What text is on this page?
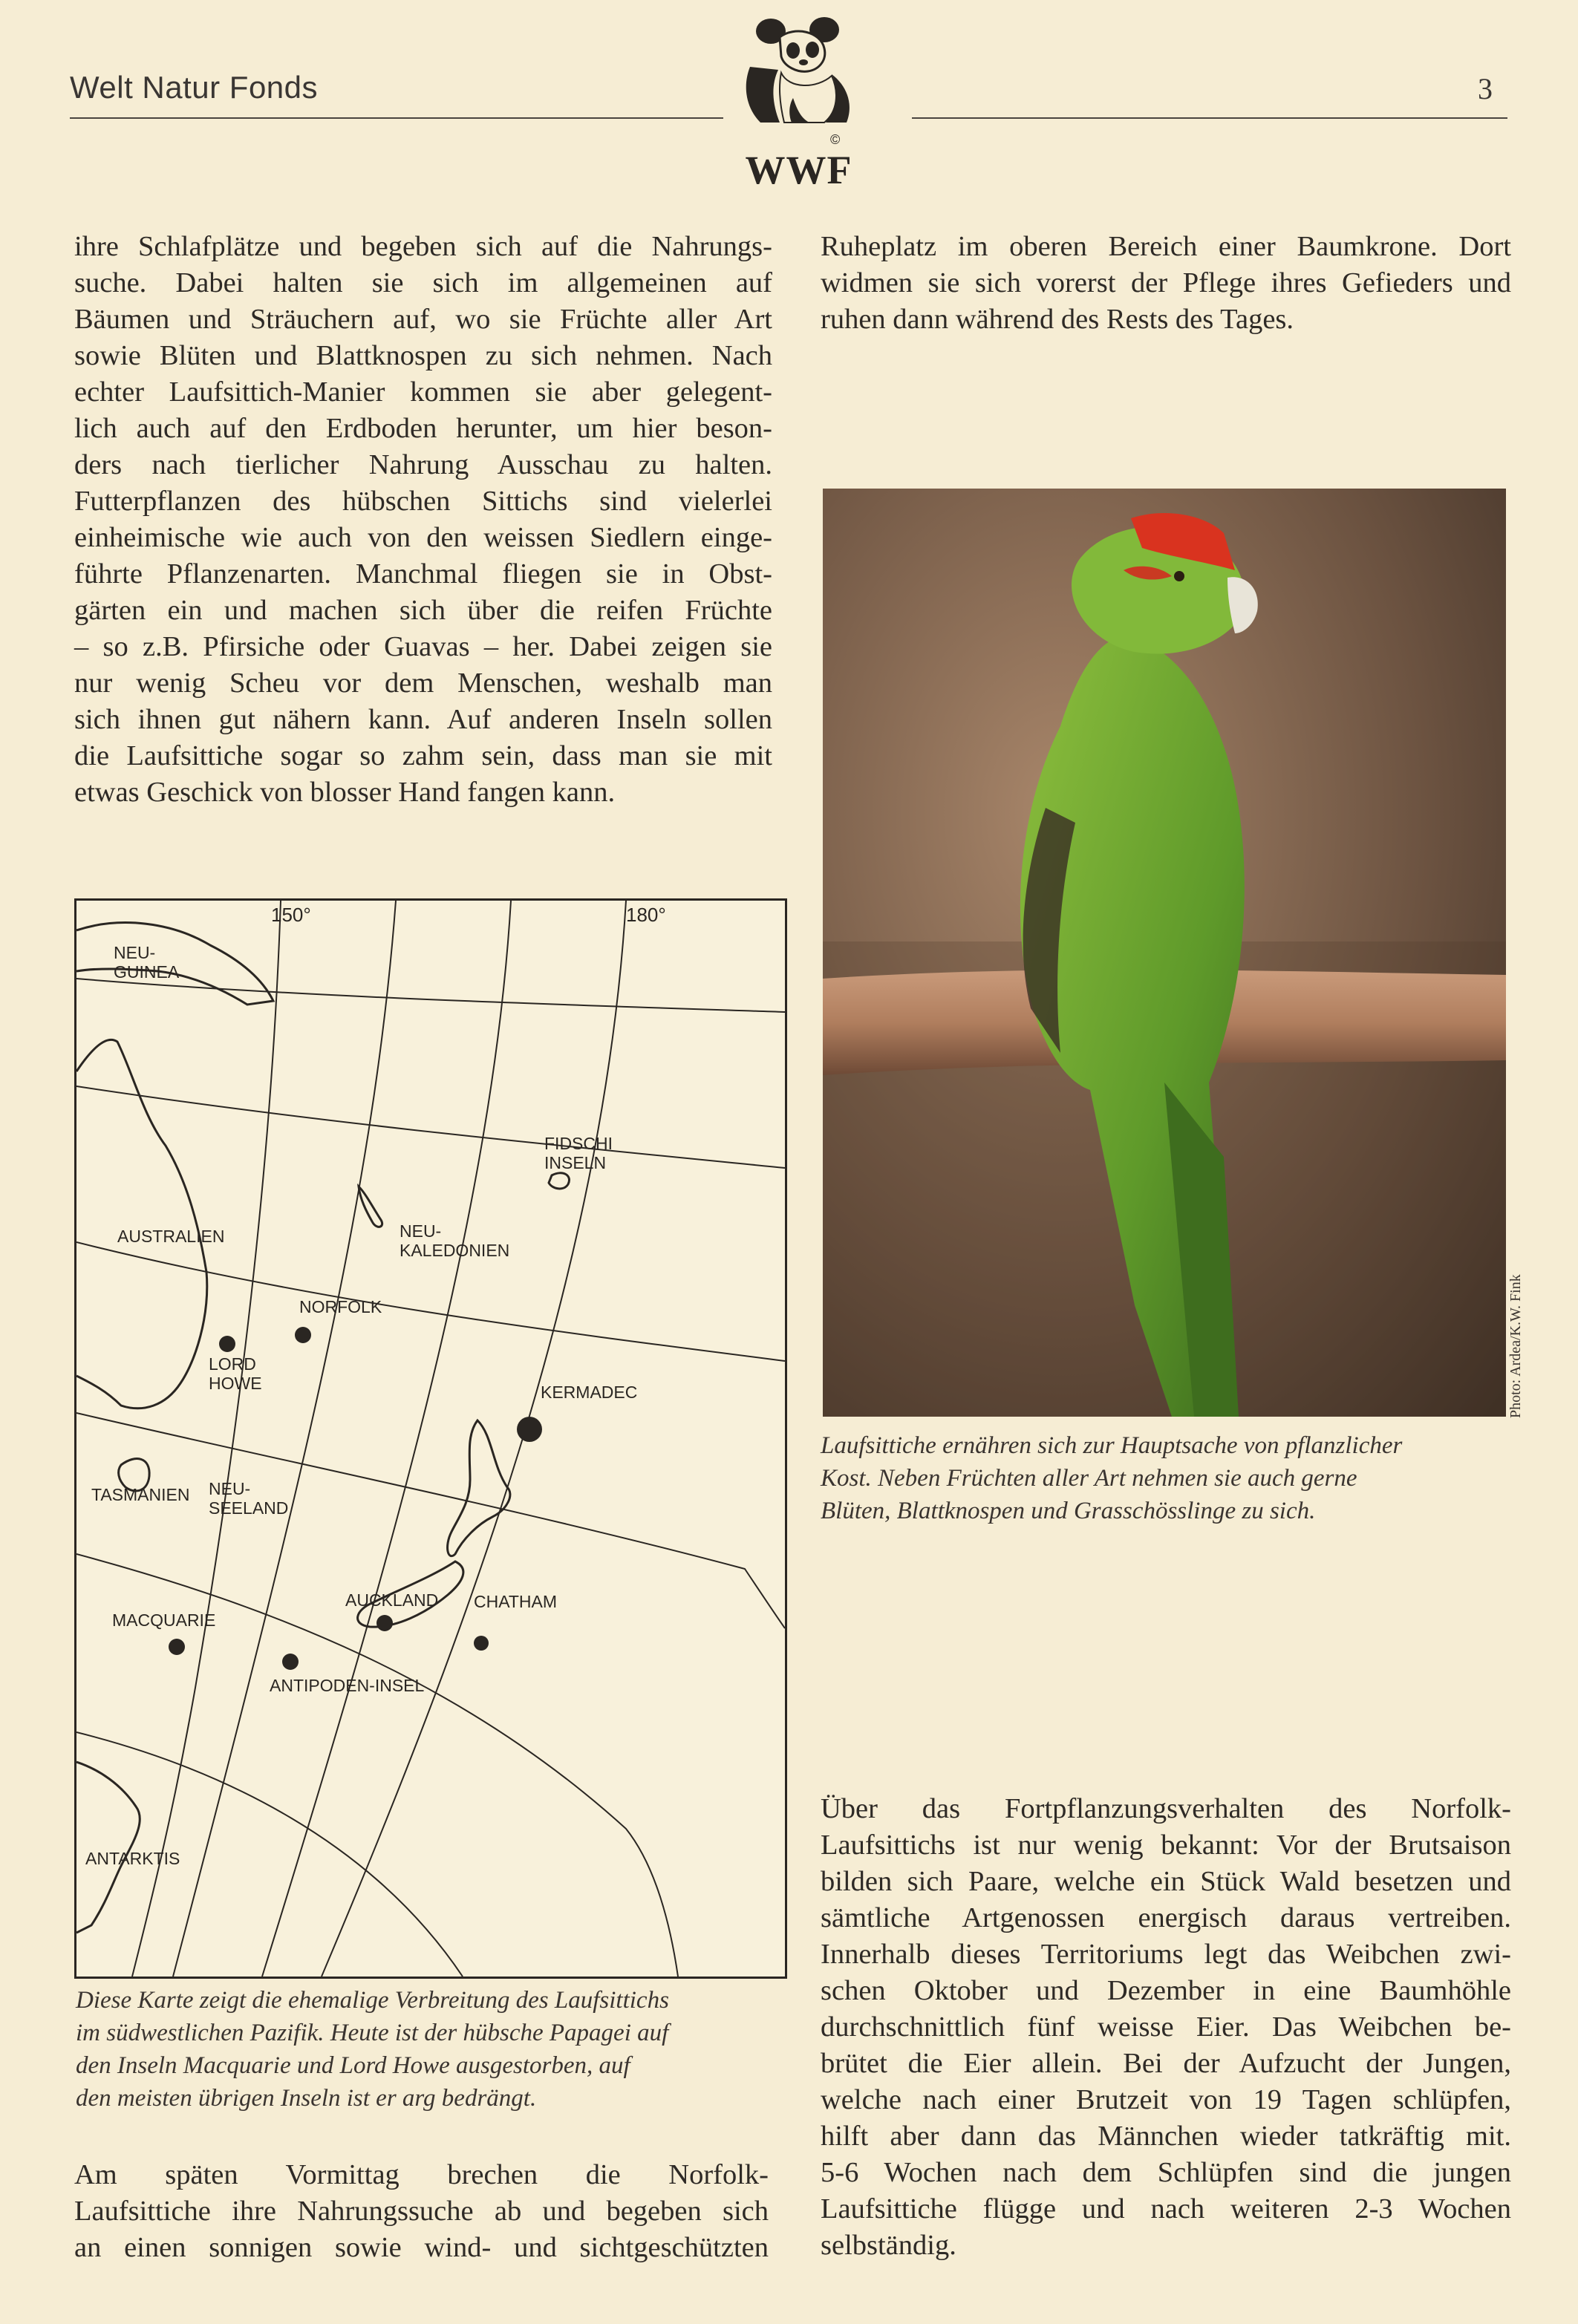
Welt Natur Fonds	3
©
WWF
ihre Schlafplätze und begeben sich auf die Nahrungs-
suche. Dabei halten sie sich im allgemeinen auf
Bäumen und Sträuchern auf, wo sie Früchte aller Art
sowie Blüten und Blattknospen zu sich nehmen. Nach
echter Laufsittich-Manier kommen sie aber gelegent-
lich auch auf den Erdboden herunter, um hier beson-
ders nach tierlicher Nahrung Ausschau zu halten.
Futterpflanzen des hübschen Sittichs sind vielerlei
einheimische wie auch von den weissen Siedlern einge-
führte Pflanzenarten. Manchmal fliegen sie in Obst-
gärten ein und machen sich über die reifen Früchte
– so z.B. Pfirsiche oder Guavas – her. Dabei zeigen sie
nur wenig Scheu vor dem Menschen, weshalb man
sich ihnen gut nähern kann. Auf anderen Inseln sollen
die Laufsittiche sogar so zahm sein, dass man sie mit
etwas Geschick von blosser Hand fangen kann.
Ruheplatz im oberen Bereich einer Baumkrone. Dort
widmen sie sich vorerst der Pflege ihres Gefieders und
ruhen dann während des Rests des Tages.
150°	180°
NEU-
GUINEA
FIDSCHI
INSELN
AUSTRALIEN	NEU-
KALEDONIEN
NORFOLK
LORD
HOWE	KERMADEC
TASMANIEN NEU-
SEELAND
AUCKLAND CHATHAM
MACQUARIE
ANTIPODEN-INSEL
ANTARKTIS
Diese Karte zeigt die ehemalige Verbreitung des Laufsittichs
im südwestlichen Pazifik. Heute ist der hübsche Papagei auf
den Inseln Macquarie und Lord Howe ausgestorben, auf
den meisten übrigen Inseln ist er arg bedrängt.
Photo: Ardea/K.W. Fink
Laufsittiche ernähren sich zur Hauptsache von pflanzlicher
Kost. Neben Früchten aller Art nehmen sie auch gerne
Blüten, Blattknospen und Grasschösslinge zu sich.
Am späten Vormittag brechen die Norfolk-
Laufsittiche ihre Nahrungssuche ab und begeben sich
an einen sonnigen sowie wind- und sichtgeschützten
Über das Fortpflanzungsverhalten des Norfolk-
Laufsittichs ist nur wenig bekannt: Vor der Brutsaison
bilden sich Paare, welche ein Stück Wald besetzen und
sämtliche Artgenossen energisch daraus vertreiben.
Innerhalb dieses Territoriums legt das Weibchen zwi-
schen Oktober und Dezember in eine Baumhöhle
durchschnittlich fünf weisse Eier. Das Weibchen be-
brütet die Eier allein. Bei der Aufzucht der Jungen,
welche nach einer Brutzeit von 19 Tagen schlüpfen,
hilft aber dann das Männchen wieder tatkräftig mit.
5-6 Wochen nach dem Schlüpfen sind die jungen
Laufsittiche flügge und nach weiteren 2-3 Wochen
selbständig.
